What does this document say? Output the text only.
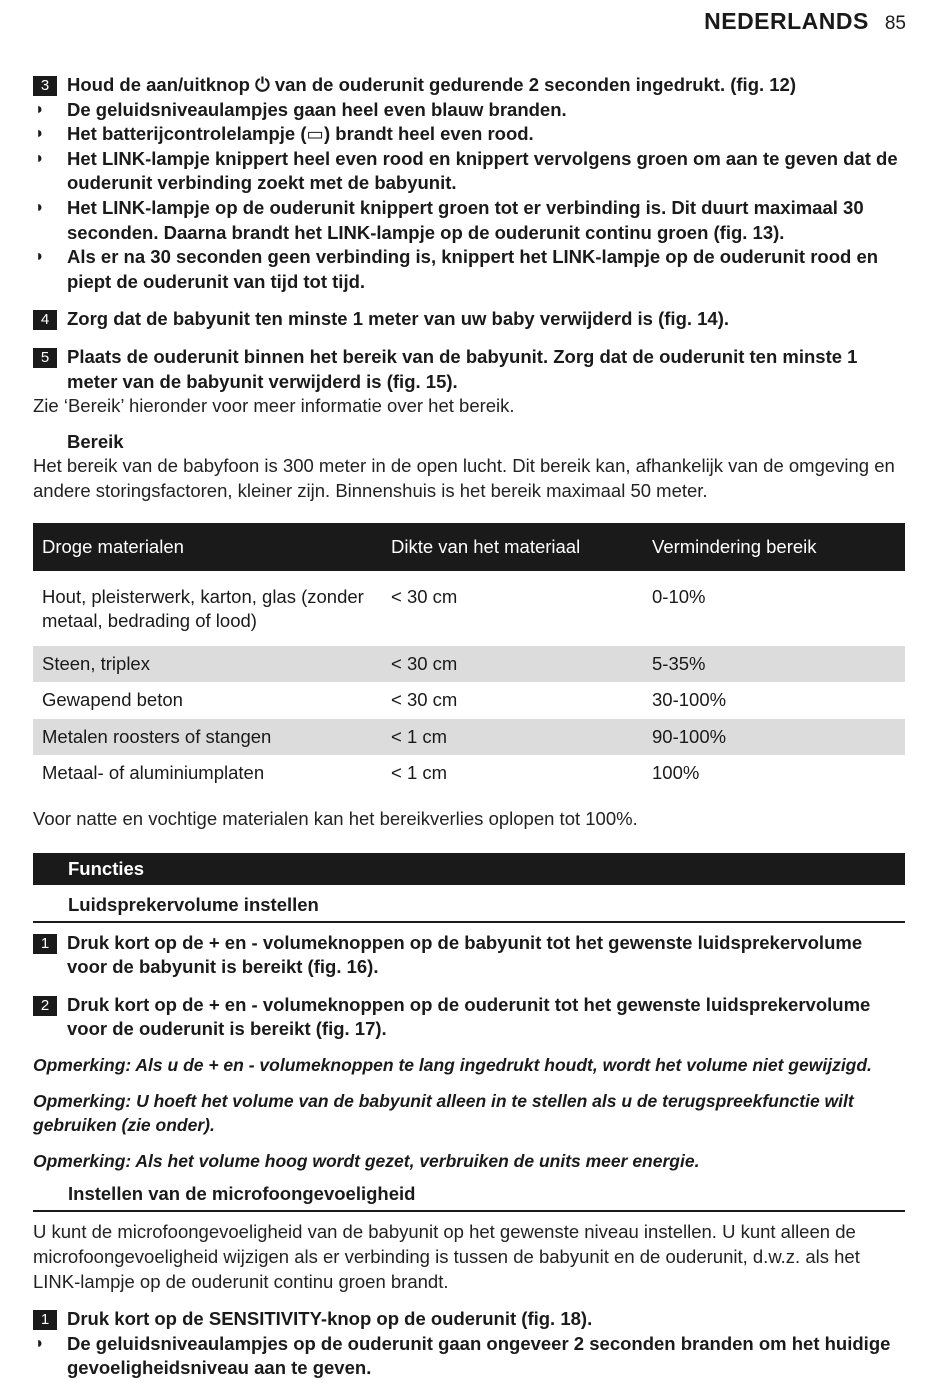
NEDERLANDS 85
3 Houd de aan/uitknop ⏻ van de ouderunit gedurende 2 seconden ingedrukt. (fig. 12)
◗ De geluidsniveaulampjes gaan heel even blauw branden.
◗ Het batterijcontrolelampje (▭) brandt heel even rood.
◗ Het LINK-lampje knippert heel even rood en knippert vervolgens groen om aan te geven dat de ouderunit verbinding zoekt met de babyunit.
◗ Het LINK-lampje op de ouderunit knippert groen tot er verbinding is. Dit duurt maximaal 30 seconden. Daarna brandt het LINK-lampje op de ouderunit continu groen (fig. 13).
◗ Als er na 30 seconden geen verbinding is, knippert het LINK-lampje op de ouderunit rood en piept de ouderunit van tijd tot tijd.
4 Zorg dat de babyunit ten minste 1 meter van uw baby verwijderd is (fig. 14).
5 Plaats de ouderunit binnen het bereik van de babyunit. Zorg dat de ouderunit ten minste 1 meter van de babyunit verwijderd is (fig. 15).
Zie ‘Bereik’ hieronder voor meer informatie over het bereik.
Bereik
Het bereik van de babyfoon is 300 meter in de open lucht. Dit bereik kan, afhankelijk van de omgeving en andere storingsfactoren, kleiner zijn. Binnenshuis is het bereik maximaal 50 meter.
Droge materialen	Dikte van het materiaal	Vermindering bereik
Hout, pleisterwerk, karton, glas (zonder metaal, bedrading of lood)	< 30 cm	0-10%
Steen, triplex	< 30 cm	5-35%
Gewapend beton	< 30 cm	30-100%
Metalen roosters of stangen	< 1 cm	90-100%
Metaal- of aluminiumplaten	< 1 cm	100%
Voor natte en vochtige materialen kan het bereikverlies oplopen tot 100%.
Functies
Luidsprekervolume instellen
1 Druk kort op de + en - volumeknoppen op de babyunit tot het gewenste luidsprekervolume voor de babyunit is bereikt (fig. 16).
2 Druk kort op de + en - volumeknoppen op de ouderunit tot het gewenste luidsprekervolume voor de ouderunit is bereikt (fig. 17).
Opmerking: Als u de + en - volumeknoppen te lang ingedrukt houdt, wordt het volume niet gewijzigd.
Opmerking: U hoeft het volume van de babyunit alleen in te stellen als u de terugspreekfunctie wilt gebruiken (zie onder).
Opmerking: Als het volume hoog wordt gezet, verbruiken de units meer energie.
Instellen van de microfoongevoeligheid
U kunt de microfoongevoeligheid van de babyunit op het gewenste niveau instellen. U kunt alleen de microfoongevoeligheid wijzigen als er verbinding is tussen de babyunit en de ouderunit, d.w.z. als het LINK-lampje op de ouderunit continu groen brandt.
1 Druk kort op de SENSITIVITY-knop op de ouderunit (fig. 18).
◗ De geluidsniveaulampjes op de ouderunit gaan ongeveer 2 seconden branden om het huidige gevoeligheidsniveau aan te geven.
